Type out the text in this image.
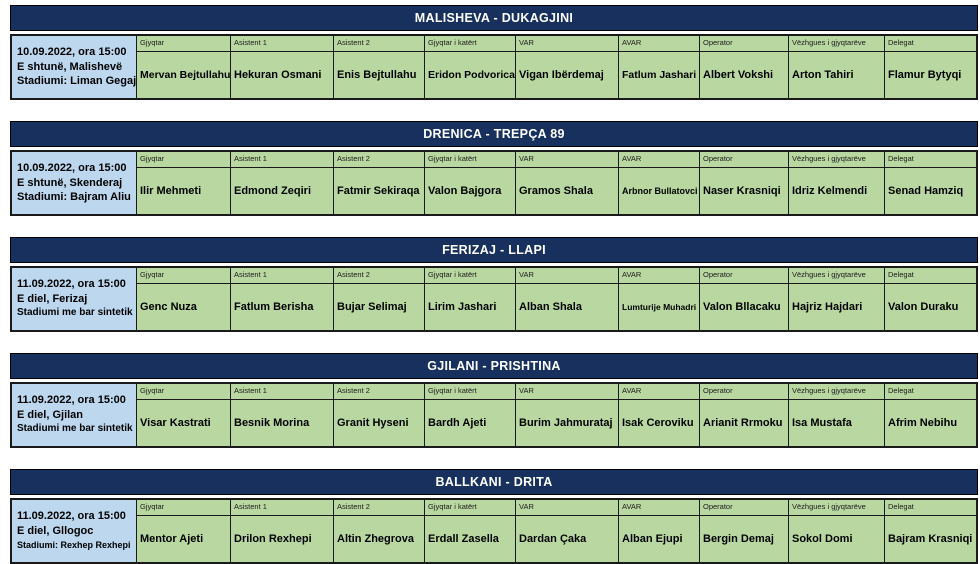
MALISHEVA - DUKAGJINI
10.09.2022, ora 15:00
E shtunë, Malishevë
Stadiumi: Liman Gegaj
Gjyqtar
Mervan Bejtullahu
Asistent 1
Hekuran Osmani
Asistent 2
Enis Bejtullahu
Gjyqtar i katërt
Eridon Podvorica
VAR
Vigan Ibërdemaj
AVAR
Fatlum Jashari
Operator
Albert Vokshi
Vëzhgues i gjyqtarëve
Arton Tahiri
Delegat
Flamur Bytyqi
DRENICA - TREPÇA 89
10.09.2022, ora 15:00
E shtunë, Skenderaj
Stadiumi: Bajram Aliu
Gjyqtar
Ilir Mehmeti
Asistent 1
Edmond Zeqiri
Asistent 2
Fatmir Sekiraqa
Gjyqtar i katërt
Valon Bajgora
VAR
Gramos Shala
AVAR
Arbnor Bullatovci
Operator
Naser Krasniqi
Vëzhgues i gjyqtarëve
Idriz Kelmendi
Delegat
Senad Hamziq
FERIZAJ - LLAPI
11.09.2022, ora 15:00
E diel, Ferizaj
Stadiumi me bar sintetik
Gjyqtar
Genc Nuza
Asistent 1
Fatlum Berisha
Asistent 2
Bujar Selimaj
Gjyqtar i katërt
Lirim Jashari
VAR
Alban Shala
AVAR
Lumturije Muhadri
Operator
Valon Bllacaku
Vëzhgues i gjyqtarëve
Hajriz Hajdari
Delegat
Valon Duraku
GJILANI - PRISHTINA
11.09.2022, ora 15:00
E diel, Gjilan
Stadiumi me bar sintetik
Gjyqtar
Visar Kastrati
Asistent 1
Besnik Morina
Asistent 2
Granit Hyseni
Gjyqtar i katërt
Bardh Ajeti
VAR
Burim Jahmurataj
AVAR
Isak Ceroviku
Operator
Arianit Rrmoku
Vëzhgues i gjyqtarëve
Isa Mustafa
Delegat
Afrim Nebihu
BALLKANI - DRITA
11.09.2022, ora 15:00
E diel, Gllogoc
Stadiumi: Rexhep Rexhepi
Gjyqtar
Mentor Ajeti
Asistent 1
Drilon Rexhepi
Asistent 2
Altin Zhegrova
Gjyqtar i katërt
Erdall Zasella
VAR
Dardan Çaka
AVAR
Alban Ejupi
Operator
Bergin Demaj
Vëzhgues i gjyqtarëve
Sokol Domi
Delegat
Bajram Krasniqi
